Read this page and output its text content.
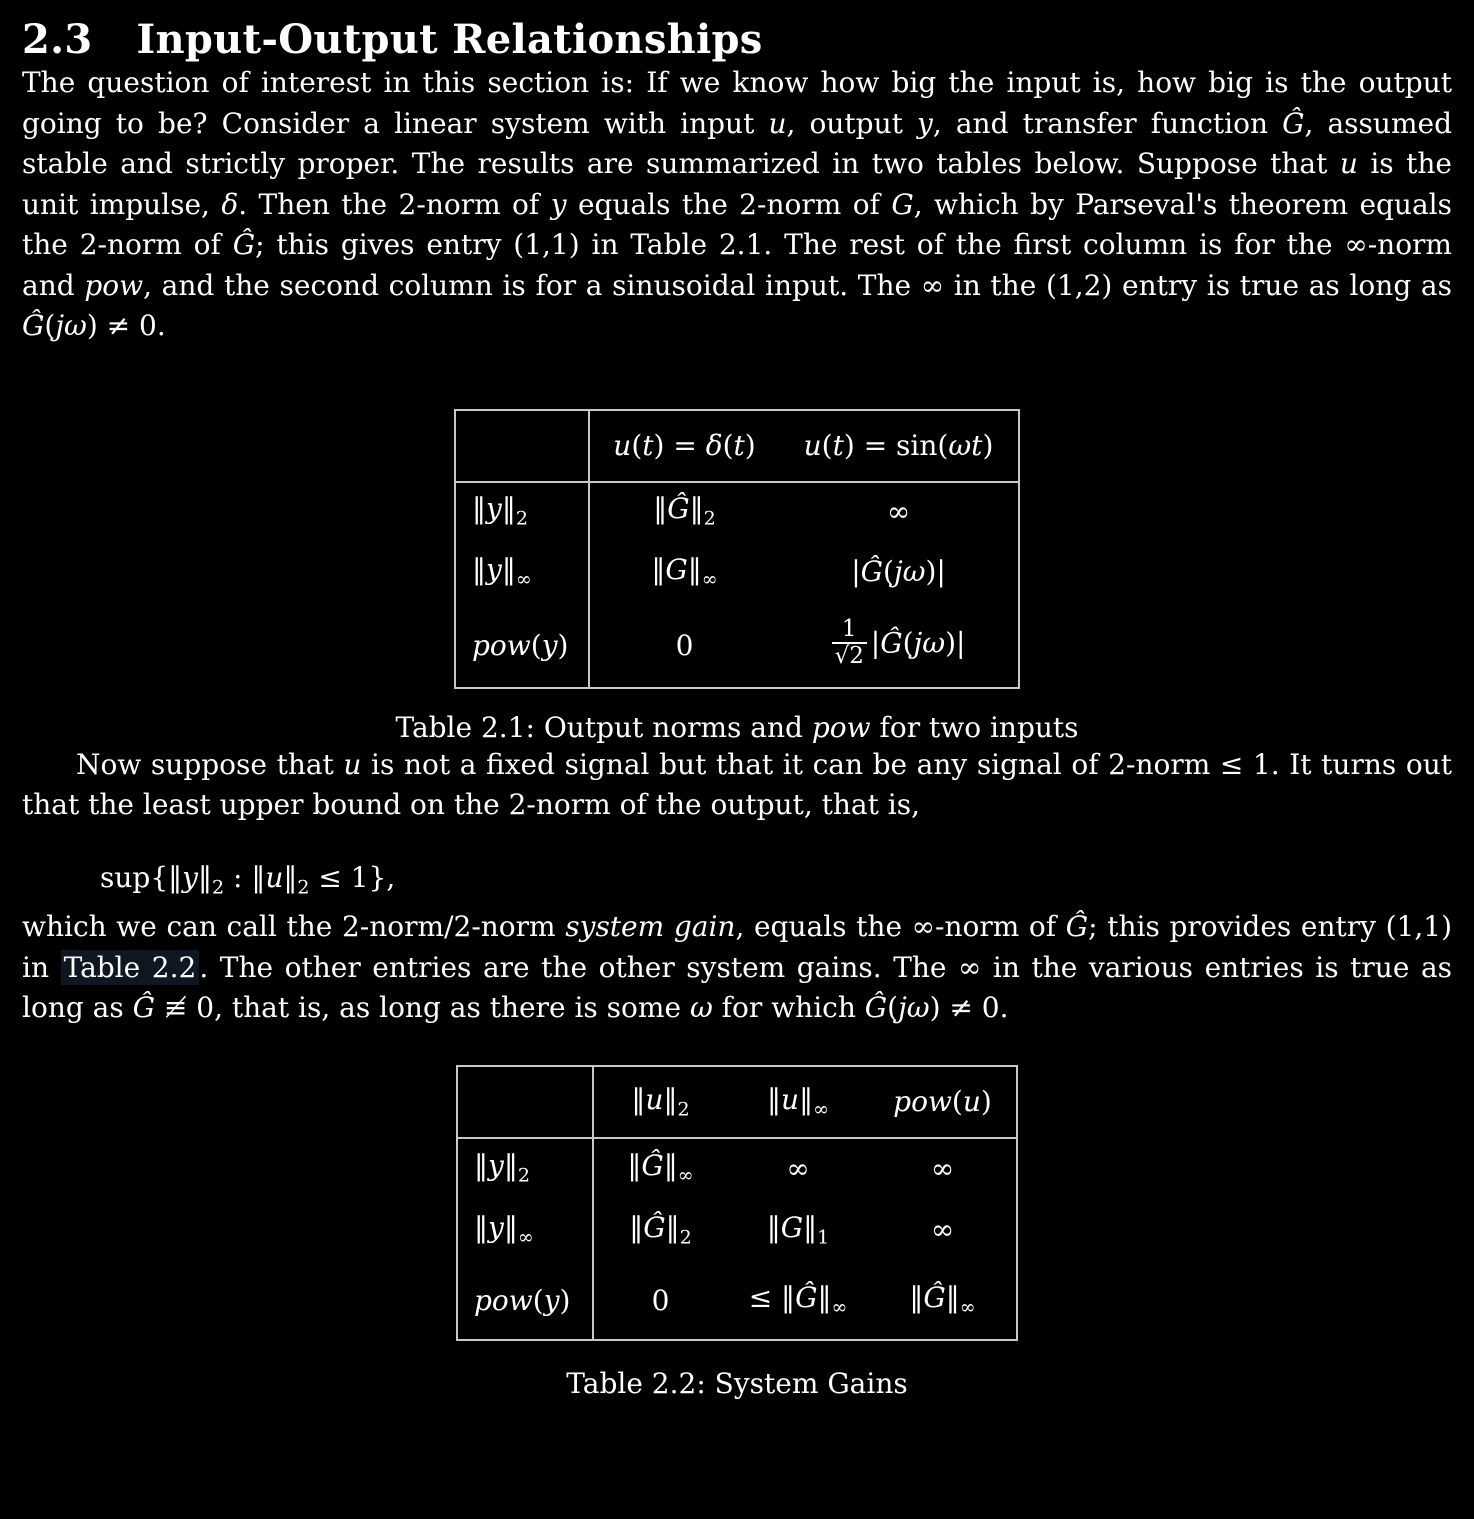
2.3 Input-Output Relationships

The question of interest in this section is: If we know how big the input is, how big is the output going to be? Consider a linear system with input u, output y, and transfer function Ĝ, assumed stable and strictly proper. The results are summarized in two tables below. Suppose that u is the unit impulse, δ. Then the 2-norm of y equals the 2-norm of G, which by Parseval's theorem equals the 2-norm of Ĝ; this gives entry (1,1) in Table 2.1. The rest of the first column is for the ∞-norm and pow, and the second column is for a sinusoidal input. The ∞ in the (1,2) entry is true as long as Ĝ(jω) ≠ 0.

	u(t) = δ(t)	u(t) = sin(ωt)
$‖y‖_2$	$‖Ĝ‖_2$	∞
$‖y‖_\infty$	$‖G‖_\infty$	|Ĝ(jω)|
pow(y)	0	$\frac{1}{√2}$ |Ĝ(jω)|
Table 2.1: Output norms and pow for two inputs

Now suppose that u is not a fixed signal but that it can be any signal of 2-norm ≤ 1. It turns out that the least upper bound on the 2-norm of the output, that is,

$sup\{‖y‖_2$ : $‖u‖_2 \le 1$},

which we can call the 2-norm/2-norm system gain, equals the ∞-norm of Ĝ; this provides entry (1,1) in Table 2.2 . The other entries are the other system gains. The ∞ in the various entries is true as long as Ĝ ≢ 0, that is, as long as there is some ω for which Ĝ(jω) ≠ 0.

	$‖u‖_2$	$‖u‖_\infty$	pow(u)
$‖y‖_2$	$‖Ĝ‖_\infty$	∞	∞
$‖y‖_\infty$	$‖Ĝ‖_2$	$‖G‖_1$	∞
pow(y)	0	≤ $‖Ĝ‖_\infty$	$‖Ĝ‖_\infty$
Table 2.2: System Gains
